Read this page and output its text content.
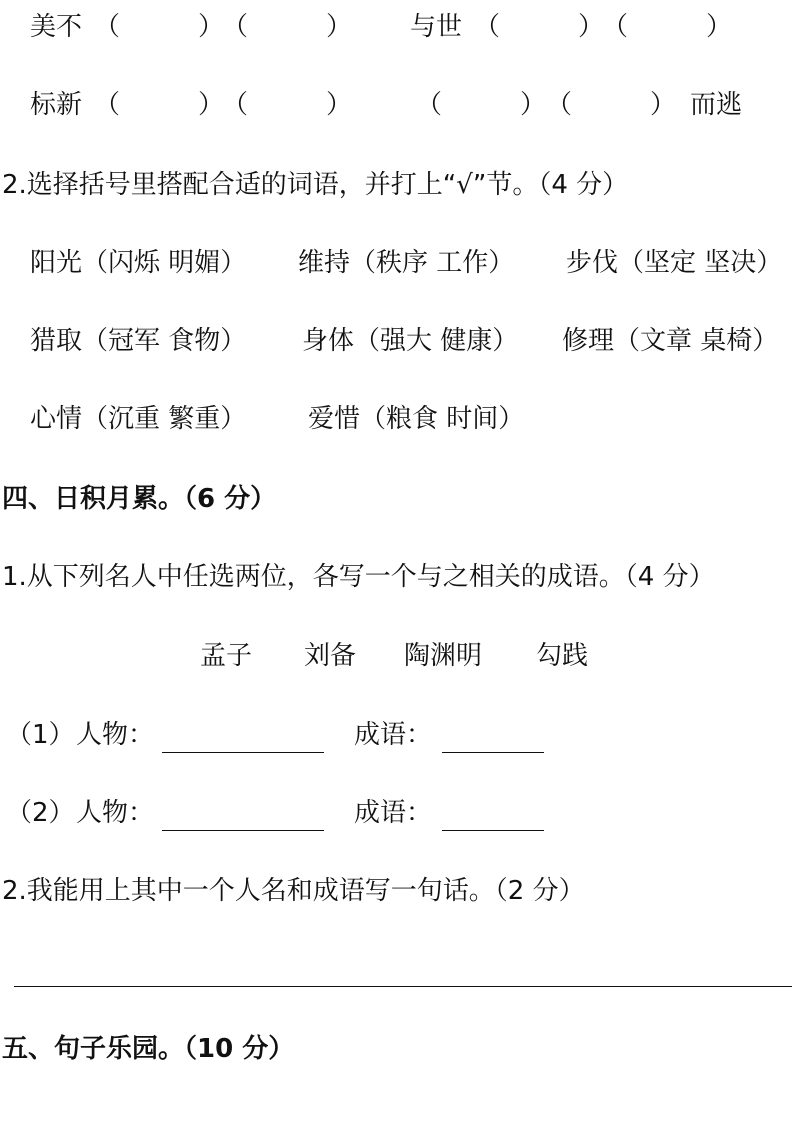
美不 （　　　）
（　　　） 与世 （　　　）
（　　　）
标新 （　　　）
（　　　） （　　　） （　　　） 而逃
2.选择括号里搭配合适的词语，并打上“√”节。（4 分）
阳光（闪烁 明媚） 维持（秩序 工作） 步伐（坚定 坚决）
猎取（冠军 食物） 身体（强大 健康） 修理（文章 桌椅）
心情（沉重 繁重） 爱惜（粮食 时间）
四、日积月累。（6 分）
1.从下列名人中任选两位，各写一个与之相关的成语。（4 分）
孟子 刘备 陶渊明 勾践
（1） 人物：	成语：
（2） 人物：	成语：
2.我能用上其中一个人名和成语写一句话。（2 分）
五、句子乐园。（10 分）
